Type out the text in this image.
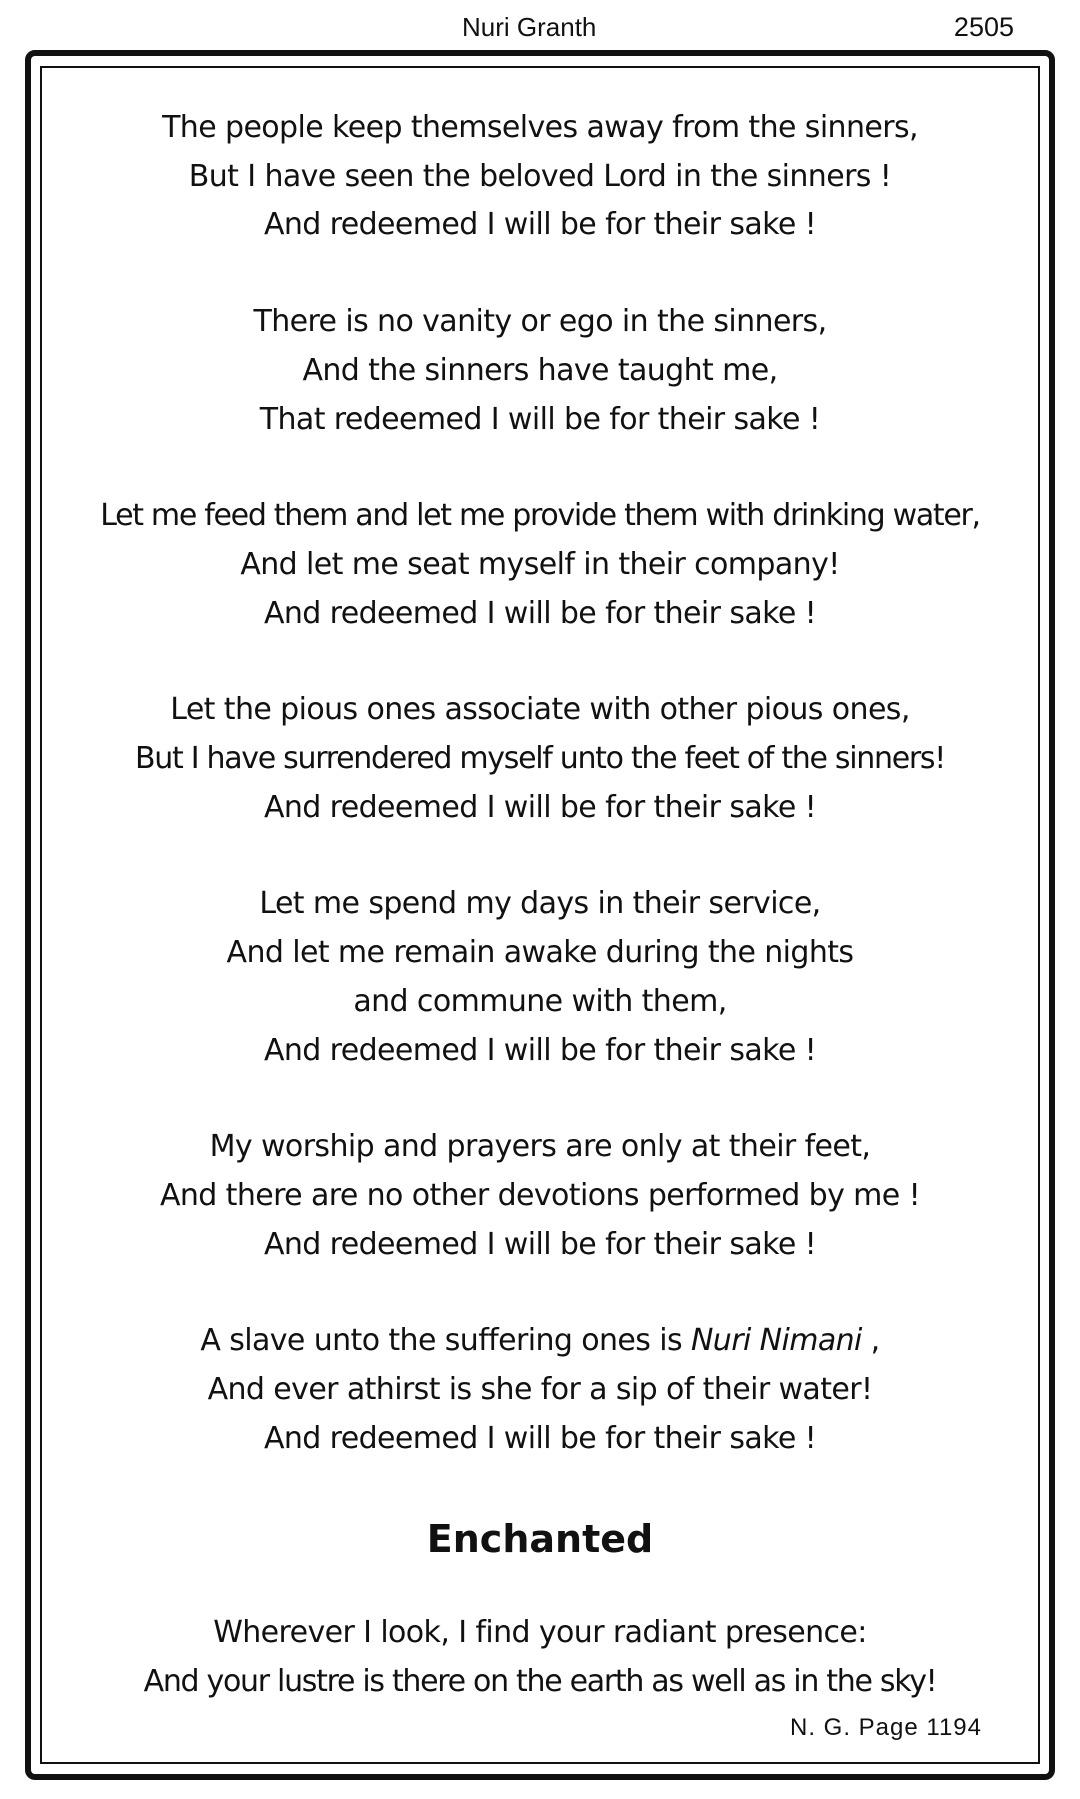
Nuri Granth	2505
The people keep themselves away from the sinners,
But I have seen the beloved Lord in the sinners !
And redeemed I will be for their sake !
There is no vanity or ego in the sinners,
And the sinners have taught me,
That redeemed I will be for their sake !
Let me feed them and let me provide them with drinking water,
And let me seat myself in their company!
And redeemed I will be for their sake !
Let the pious ones associate with other pious ones,
But I have surrendered myself unto the feet of the sinners!
And redeemed I will be for their sake !
Let me spend my days in their service,
And let me remain awake during the nights
and commune with them,
And redeemed I will be for their sake !
My worship and prayers are only at their feet,
And there are no other devotions performed by me !
And redeemed I will be for their sake !
A slave unto the suffering ones is Nuri Nimani ,
And ever athirst is she for a sip of their water!
And redeemed I will be for their sake !
Enchanted
Wherever I look, I find your radiant presence:
And your lustre is there on the earth as well as in the sky!
N. G. Page 1194
